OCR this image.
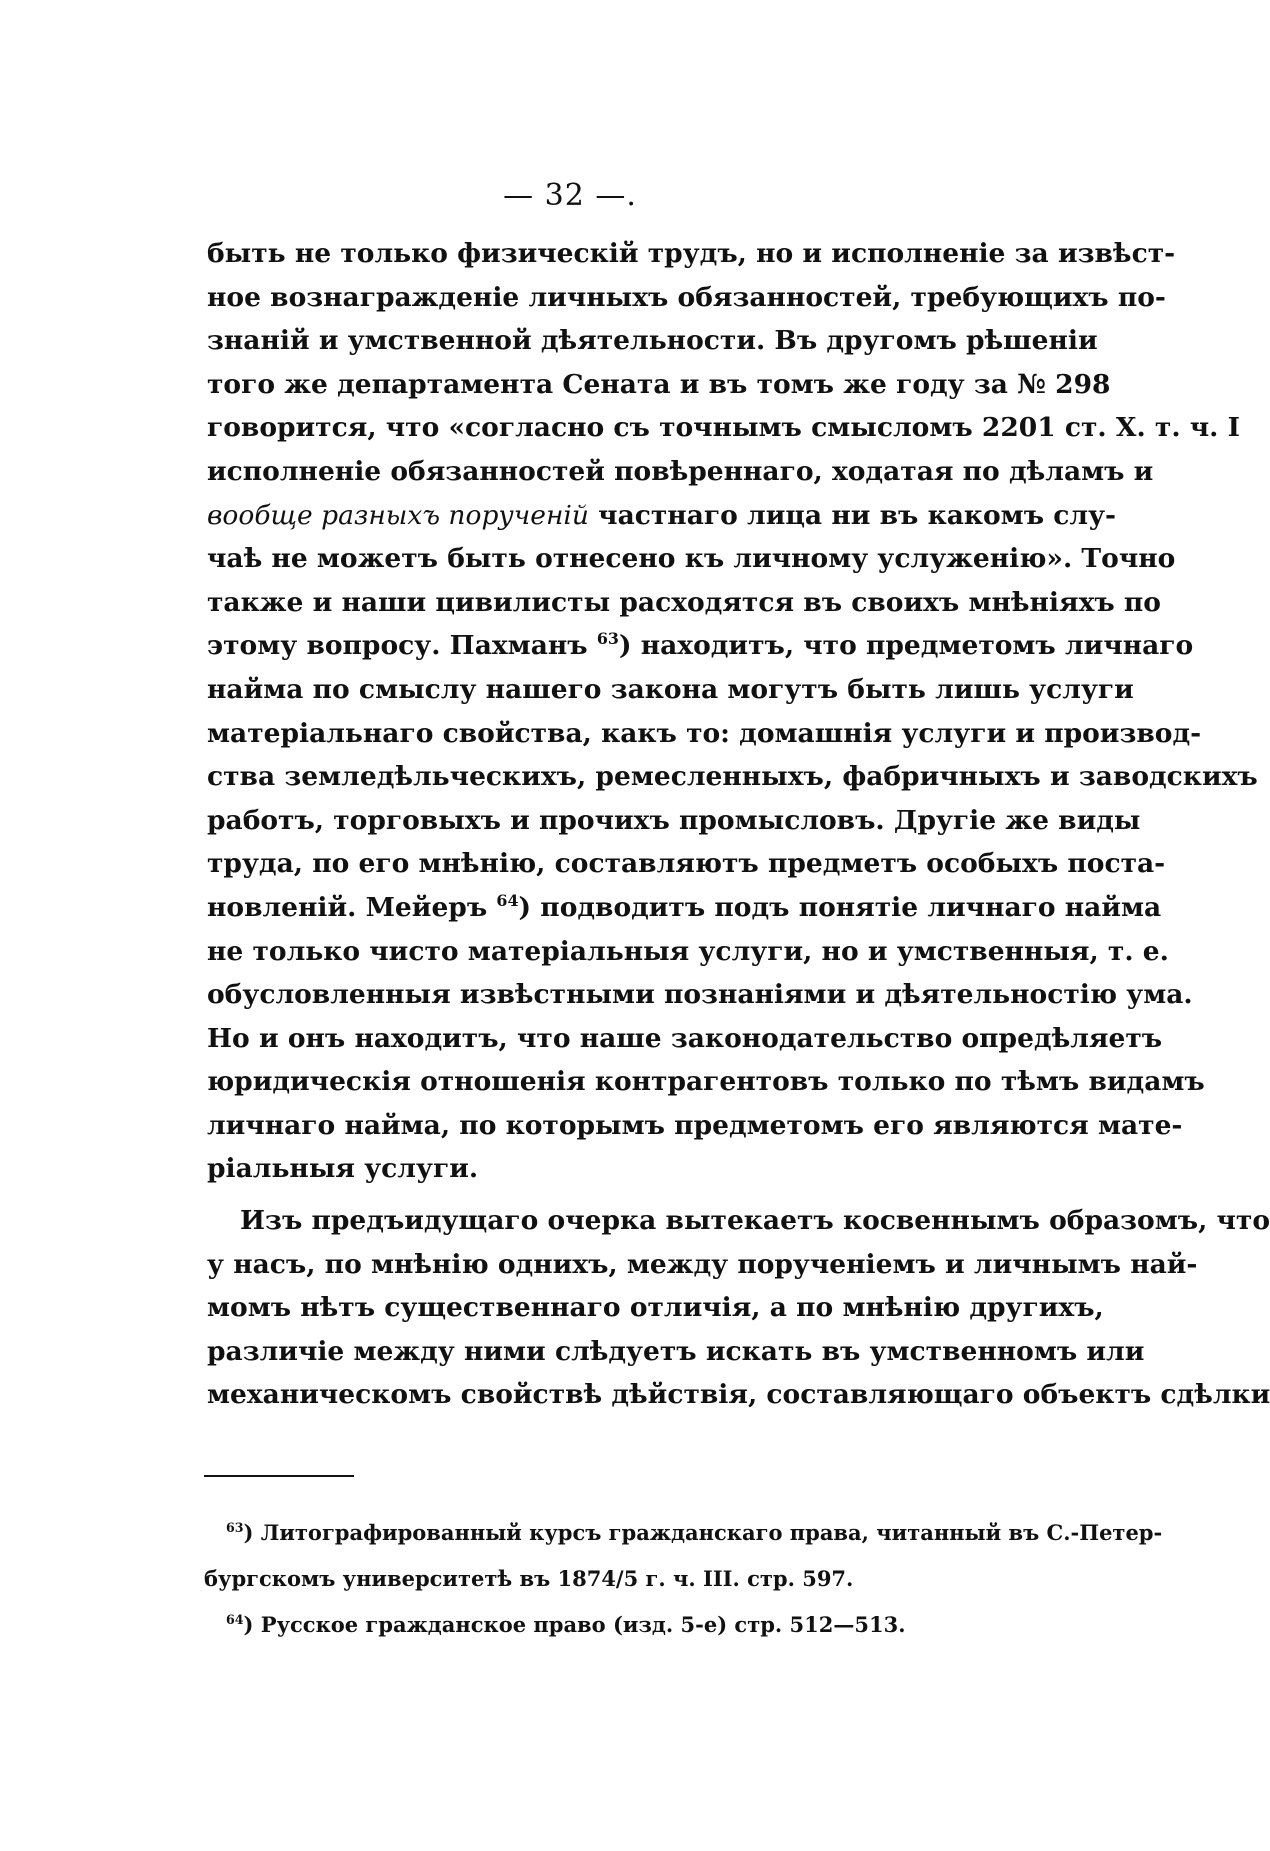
— 32 —.
быть не только физическій трудъ, но и исполненіе за извѣст-
ное вознагражденіе личныхъ обязанностей, требующихъ по-
знаній и умственной дѣятельности. Въ другомъ рѣшеніи
того же департамента Сената и въ томъ же году за № 298
говорится, что «согласно съ точнымъ смысломъ 2201 ст. Х. т. ч. I
исполненіе обязанностей повѣреннаго, ходатая по дѣламъ и
вообще разныхъ порученій частнаго лица ни въ какомъ слу-
чаѣ не можетъ быть отнесено къ личному услуженію». Точно
также и наши цивилисты расходятся въ своихъ мнѣніяхъ по
этому вопросу. Пахманъ $^{63}$) находитъ, что предметомъ личнаго
найма по смыслу нашего закона могутъ быть лишь услуги
матеріальнаго свойства, какъ то: домашнія услуги и производ-
ства земледѣльческихъ, ремесленныхъ, фабричныхъ и заводскихъ
работъ, торговыхъ и прочихъ промысловъ. Другіе же виды
труда, по его мнѣнію, составляютъ предметъ особыхъ поста-
новленій. Мейеръ $^{64}$) подводитъ подъ понятіе личнаго найма
не только чисто матеріальныя услуги, но и умственныя, т. е.
обусловленныя извѣстными познаніями и дѣятельностію ума.
Но и онъ находитъ, что наше законодательство опредѣляетъ
юридическія отношенія контрагентовъ только по тѣмъ видамъ
личнаго найма, по которымъ предметомъ его являются мате-
ріальныя услуги.
Изъ предъидущаго очерка вытекаетъ косвеннымъ образомъ, что
у насъ, по мнѣнію однихъ, между порученіемъ и личнымъ най-
момъ нѣтъ существеннаго отличія, а по мнѣнію другихъ,
различіе между ними слѣдуетъ искать въ умственномъ или
механическомъ свойствѣ дѣйствія, составляющаго объектъ сдѣлки
$^{63}$) Литографированный курсъ гражданскаго права, читанный въ С.-Петер-
бургскомъ университетѣ въ 1874/5 г. ч. III. стр. 597.
$^{64}$) Русское гражданское право (изд. 5-е) стр. 512—513.
